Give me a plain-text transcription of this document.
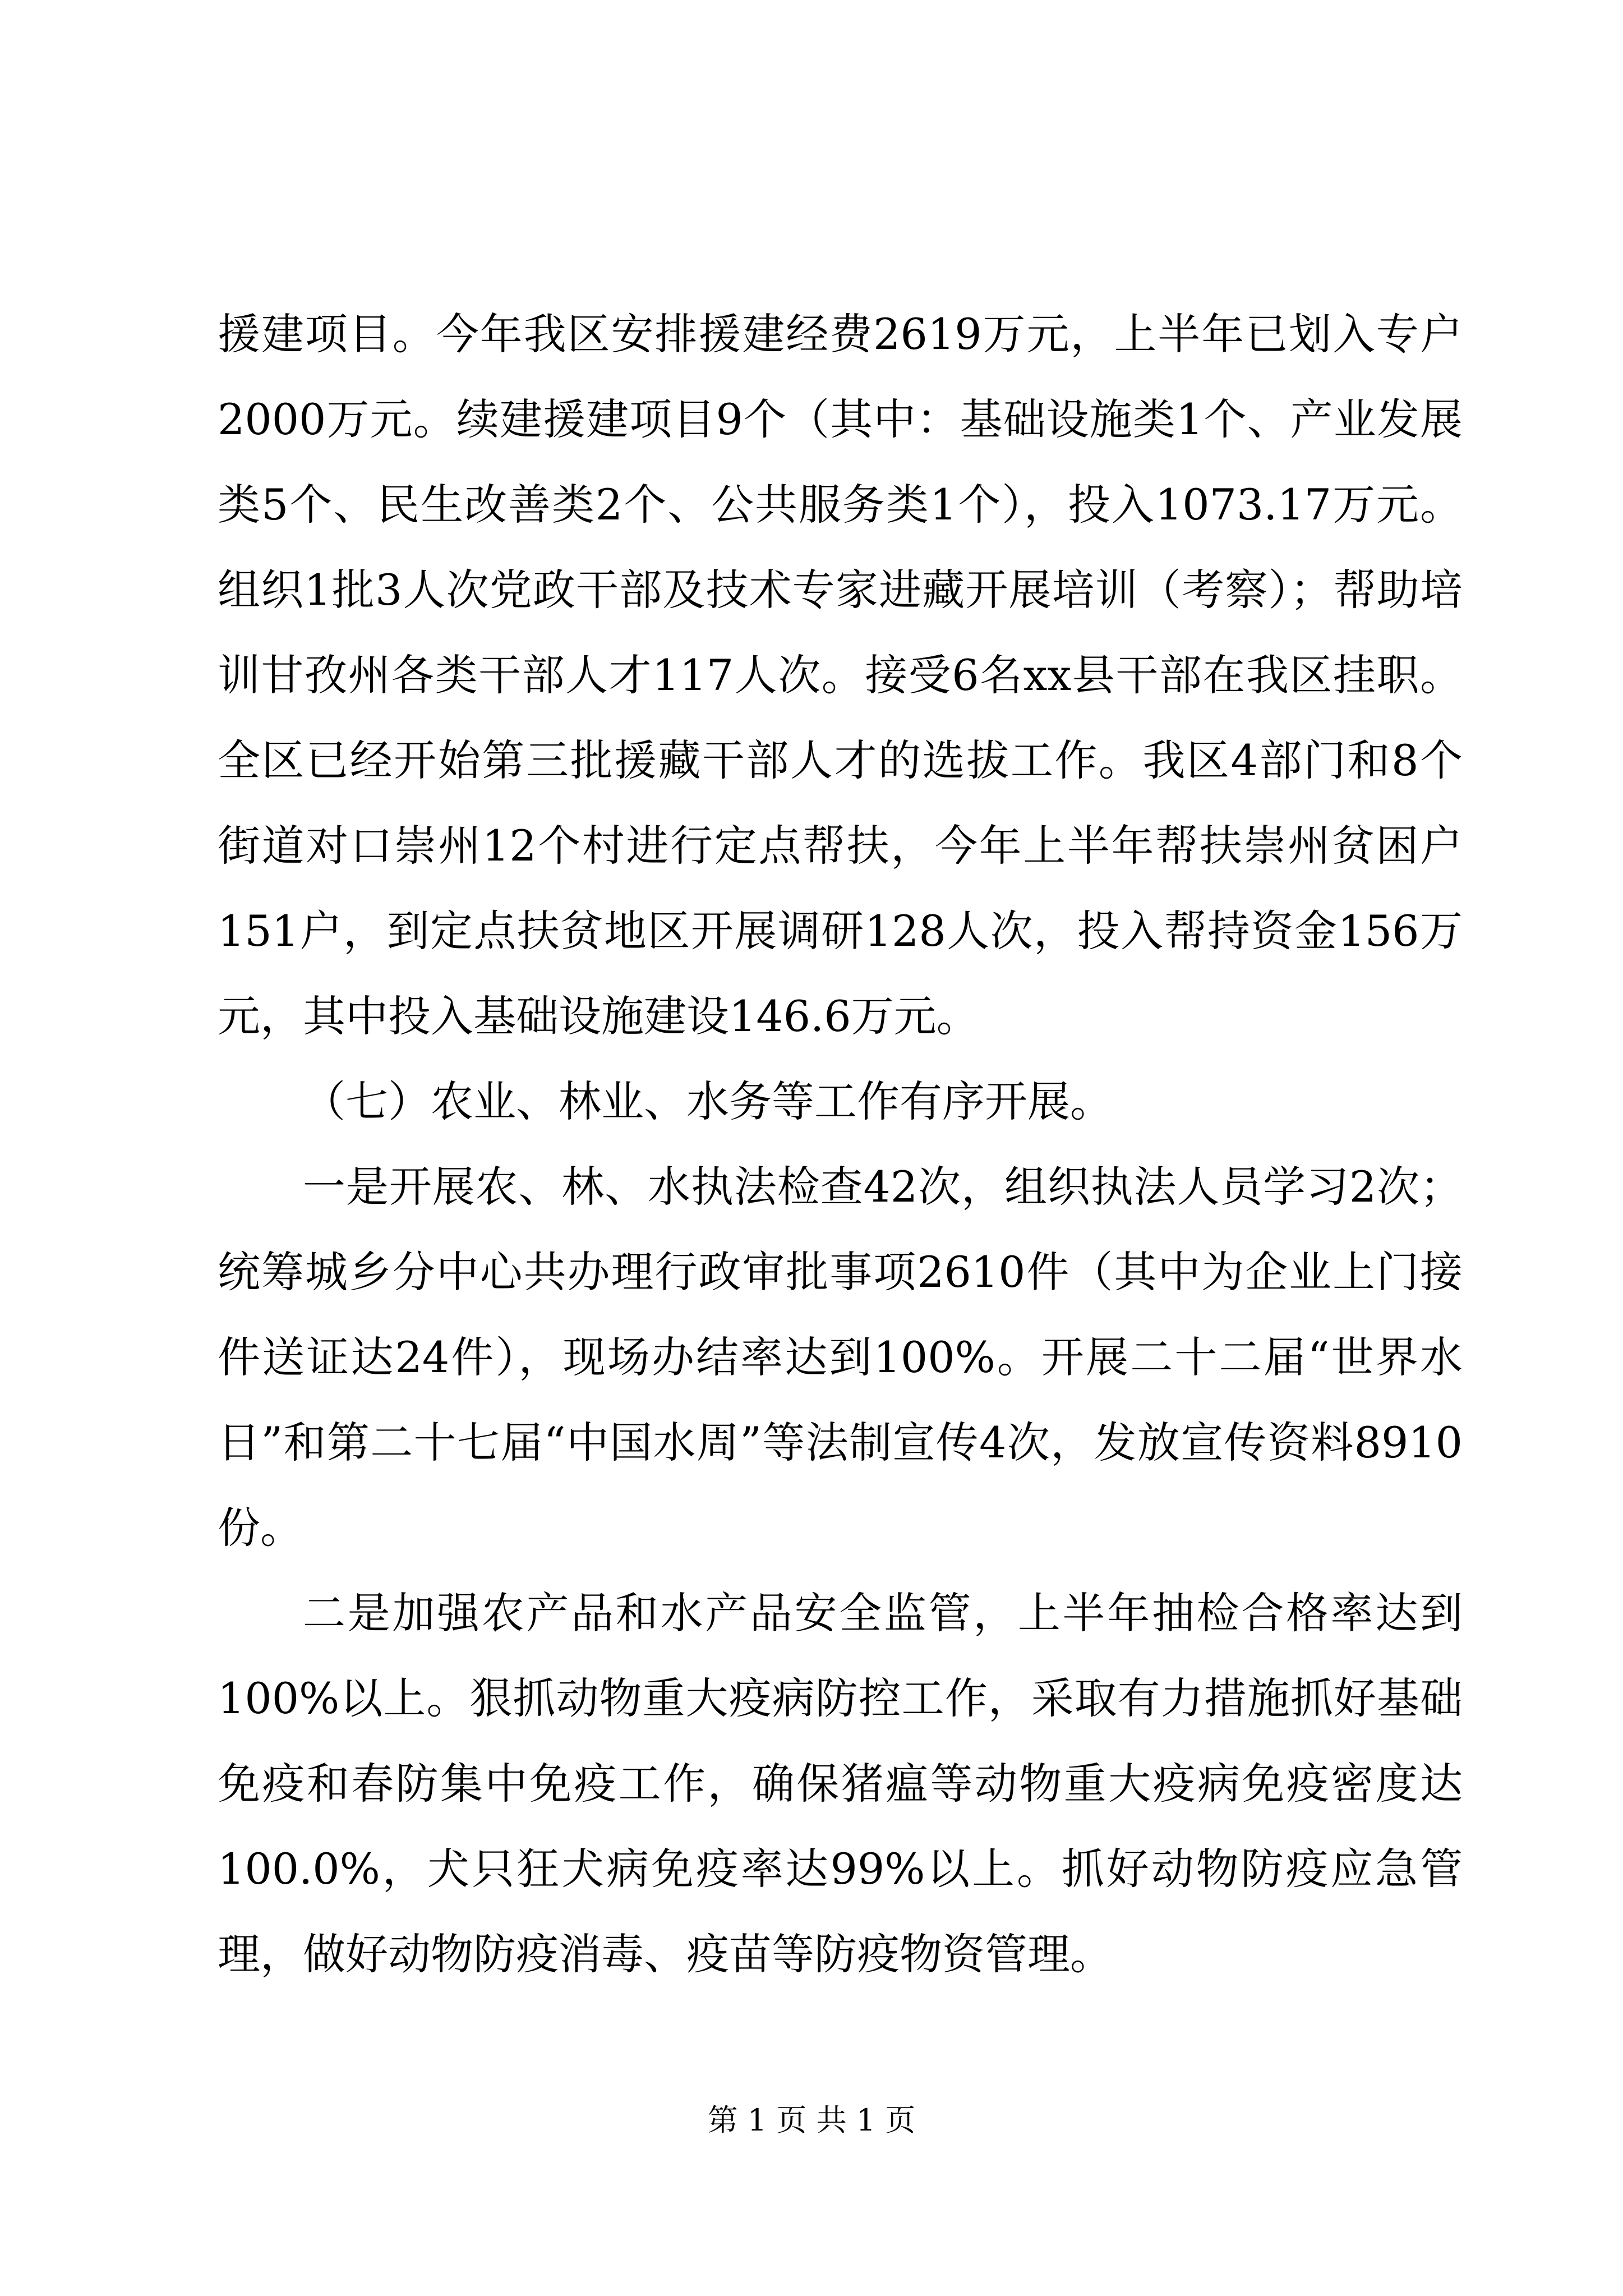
援建项目。今年我区安排援建经费2619万元，上半年已划入专户2000万元。续建援建项目9个（其中：基础设施类1个、产业发展类5个、民生改善类2个、公共服务类1个），投入1073.17万元。组织1批3人次党政干部及技术专家进藏开展培训（考察）；帮助培训甘孜州各类干部人才117人次。接受6名xx县干部在我区挂职。全区已经开始第三批援藏干部人才的选拔工作。我区4部门和8个街道对口崇州12个村进行定点帮扶，今年上半年帮扶崇州贫困户151户，到定点扶贫地区开展调研128人次，投入帮持资金156万元，其中投入基础设施建设146.6万元。

（七）农业、林业、水务等工作有序开展。

一是开展农、林、水执法检查42次，组织执法人员学习2次；统筹城乡分中心共办理行政审批事项2610件（其中为企业上门接件送证达24件），现场办结率达到100%。开展二十二届“世界水日”和第二十七届“中国水周”等法制宣传4次，发放宣传资料8910份。

二是加强农产品和水产品安全监管，上半年抽检合格率达到100%以上。狠抓动物重大疫病防控工作，采取有力措施抓好基础免疫和春防集中免疫工作，确保猪瘟等动物重大疫病免疫密度达100.0%，犬只狂犬病免疫率达99%以上。抓好动物防疫应急管理，做好动物防疫消毒、疫苗等防疫物资管理。

第 1 页 共 1 页
